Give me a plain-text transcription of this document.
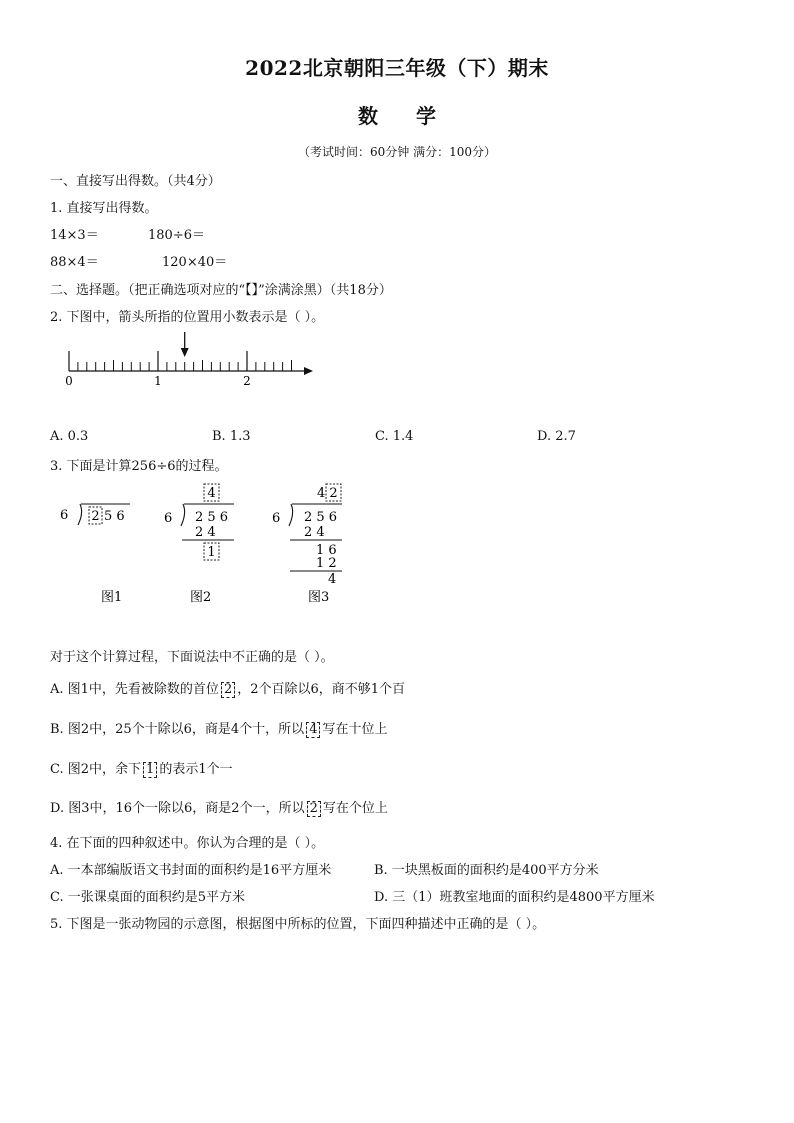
2022北京朝阳三年级（下）期末
数学
（考试时间：60分钟 满分：100分）
一、直接写出得数。（共4分）
1. 直接写出得数。
14×3＝	180÷6＝
88×4＝	120×40＝
二、选择题。（把正确选项对应的“【】”涂满涂黑）（共18分）
2. 下图中，箭头所指的位置用小数表示是（ ）。
0	1	2
A. 0.3	B. 1.3	C. 1.4	D. 2.7
3. 下面是计算256÷6的过程。
6 2 5 6
图1
4
6 2 5 6
2 4
1
图2
4 2
6 2 5 6
2 4
1 6
1 2
4
图3
对于这个计算过程，下面说法中不正确的是（ ）。
A. 图1中，先看被除数的首位 2 ，2个百除以6，商不够1个百
B. 图2中，25个十除以6，商是4个十，所以 4 写在十位上
C. 图2中，余下 1 的表示1个一
D. 图3中，16个一除以6，商是2个一，所以 2 写在个位上
4. 在下面的四种叙述中。你认为合理的是（ ）。
A. 一本部编版语文书封面的面积约是16平方厘米	B. 一块黑板面的面积约是400平方分米
C. 一张课桌面的面积约是5平方米	D. 三（1）班教室地面的面积约是4800平方厘米
5. 下图是一张动物园的示意图，根据图中所标的位置，下面四种描述中正确的是（ ）。
